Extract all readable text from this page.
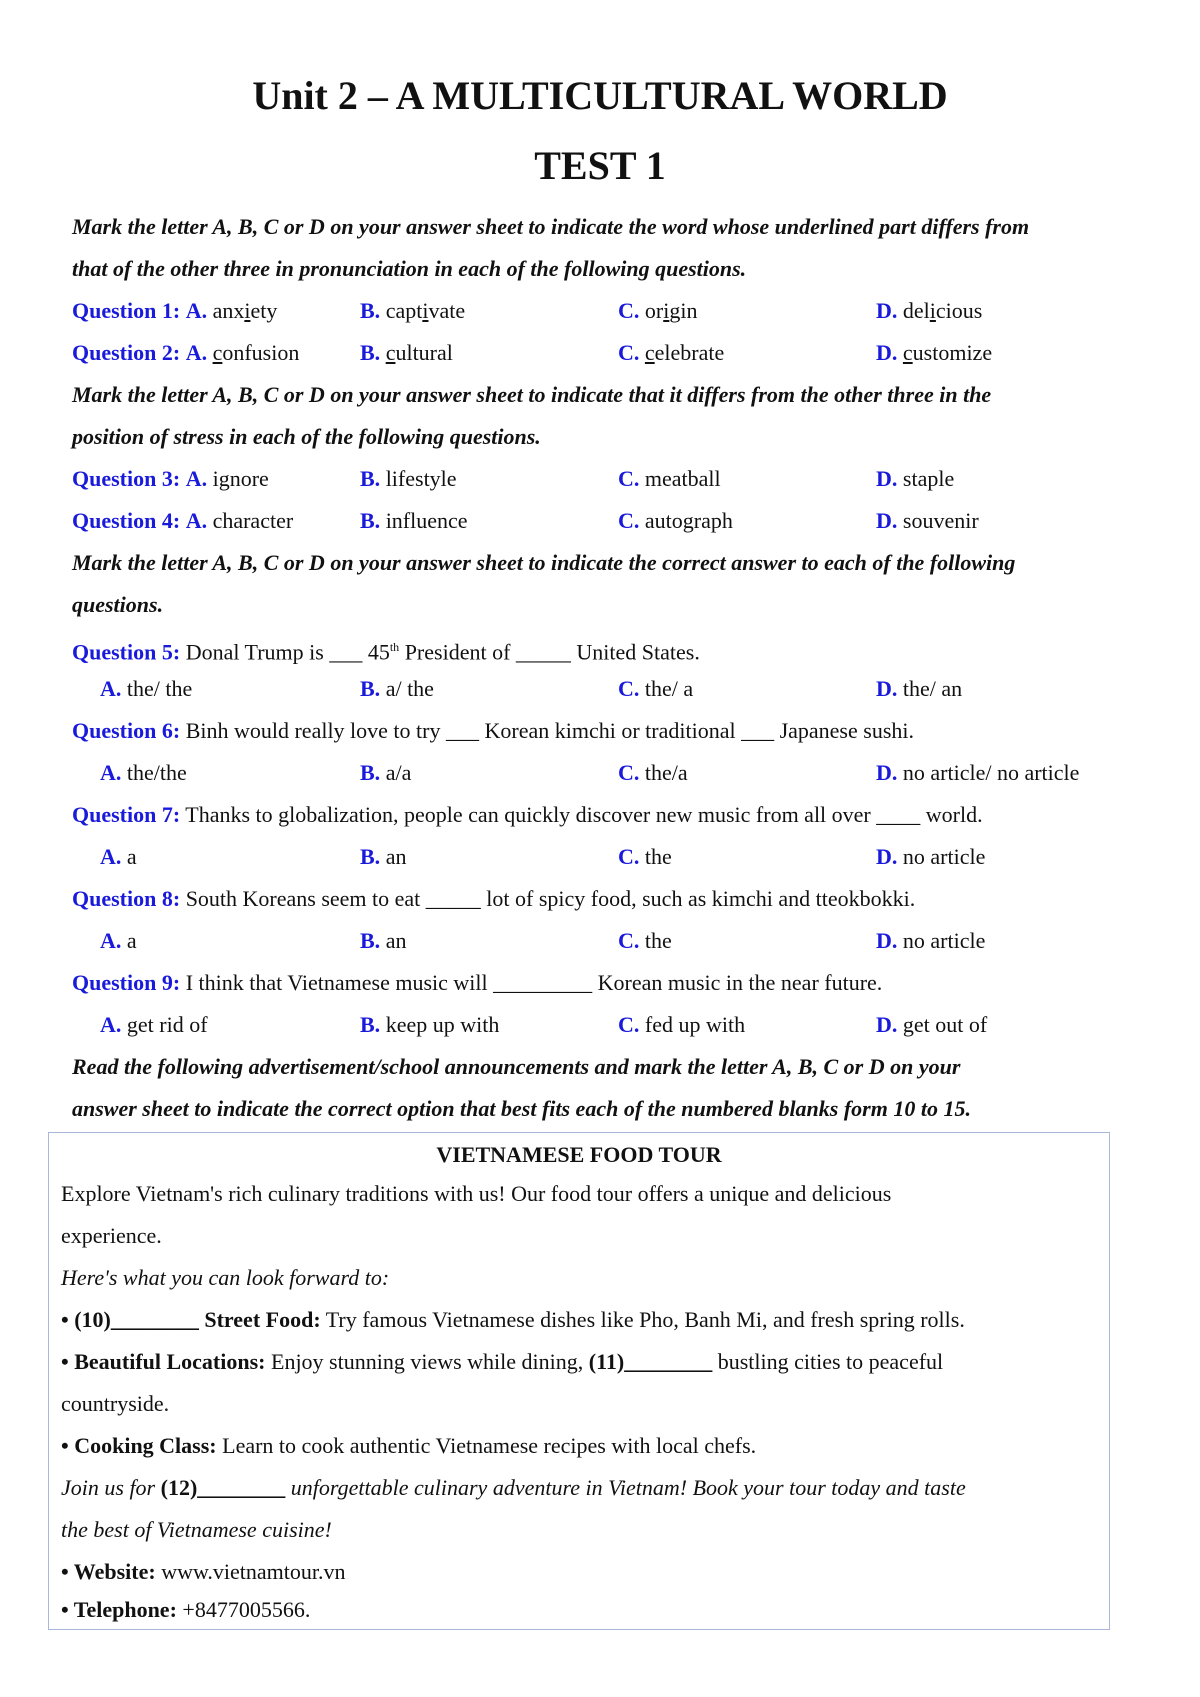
Unit 2 – A MULTICULTURAL WORLD
TEST 1
Mark the letter A, B, C or D on your answer sheet to indicate the word whose underlined part differs from
that of the other three in pronunciation in each of the following questions.
Question 1: A. anxiety	B. captivate	C. origin	D. delicious
Question 2: A. confusion	B. cultural	C. celebrate	D. customize
Mark the letter A, B, C or D on your answer sheet to indicate that it differs from the other three in the
position of stress in each of the following questions.
Question 3: A. ignore	B. lifestyle	C. meatball	D. staple
Question 4: A. character	B. influence	C. autograph	D. souvenir
Mark the letter A, B, C or D on your answer sheet to indicate the correct answer to each of the following
questions.
Question 5: Donal Trump is ___ 45th President of _____ United States.
A. the/ the	B. a/ the	C. the/ a	D. the/ an
Question 6: Binh would really love to try ___ Korean kimchi or traditional ___ Japanese sushi.
A. the/the	B. a/a	C. the/a	D. no article/ no article
Question 7: Thanks to globalization, people can quickly discover new music from all over ____ world.
A. a	B. an	C. the	D. no article
Question 8: South Koreans seem to eat _____ lot of spicy food, such as kimchi and tteokbokki.
A. a	B. an	C. the	D. no article
Question 9: I think that Vietnamese music will _________ Korean music in the near future.
A. get rid of	B. keep up with	C. fed up with	D. get out of
Read the following advertisement/school announcements and mark the letter A, B, C or D on your
answer sheet to indicate the correct option that best fits each of the numbered blanks form 10 to 15.
VIETNAMESE FOOD TOUR
Explore Vietnam's rich culinary traditions with us! Our food tour offers a unique and delicious
experience.
Here's what you can look forward to:
• (10)________ Street Food: Try famous Vietnamese dishes like Pho, Banh Mi, and fresh spring rolls.
• Beautiful Locations: Enjoy stunning views while dining, (11)________ bustling cities to peaceful
countryside.
• Cooking Class: Learn to cook authentic Vietnamese recipes with local chefs.
Join us for (12)________ unforgettable culinary adventure in Vietnam! Book your tour today and taste
the best of Vietnamese cuisine!
• Website: www.vietnamtour.vn
• Telephone: +8477005566.
